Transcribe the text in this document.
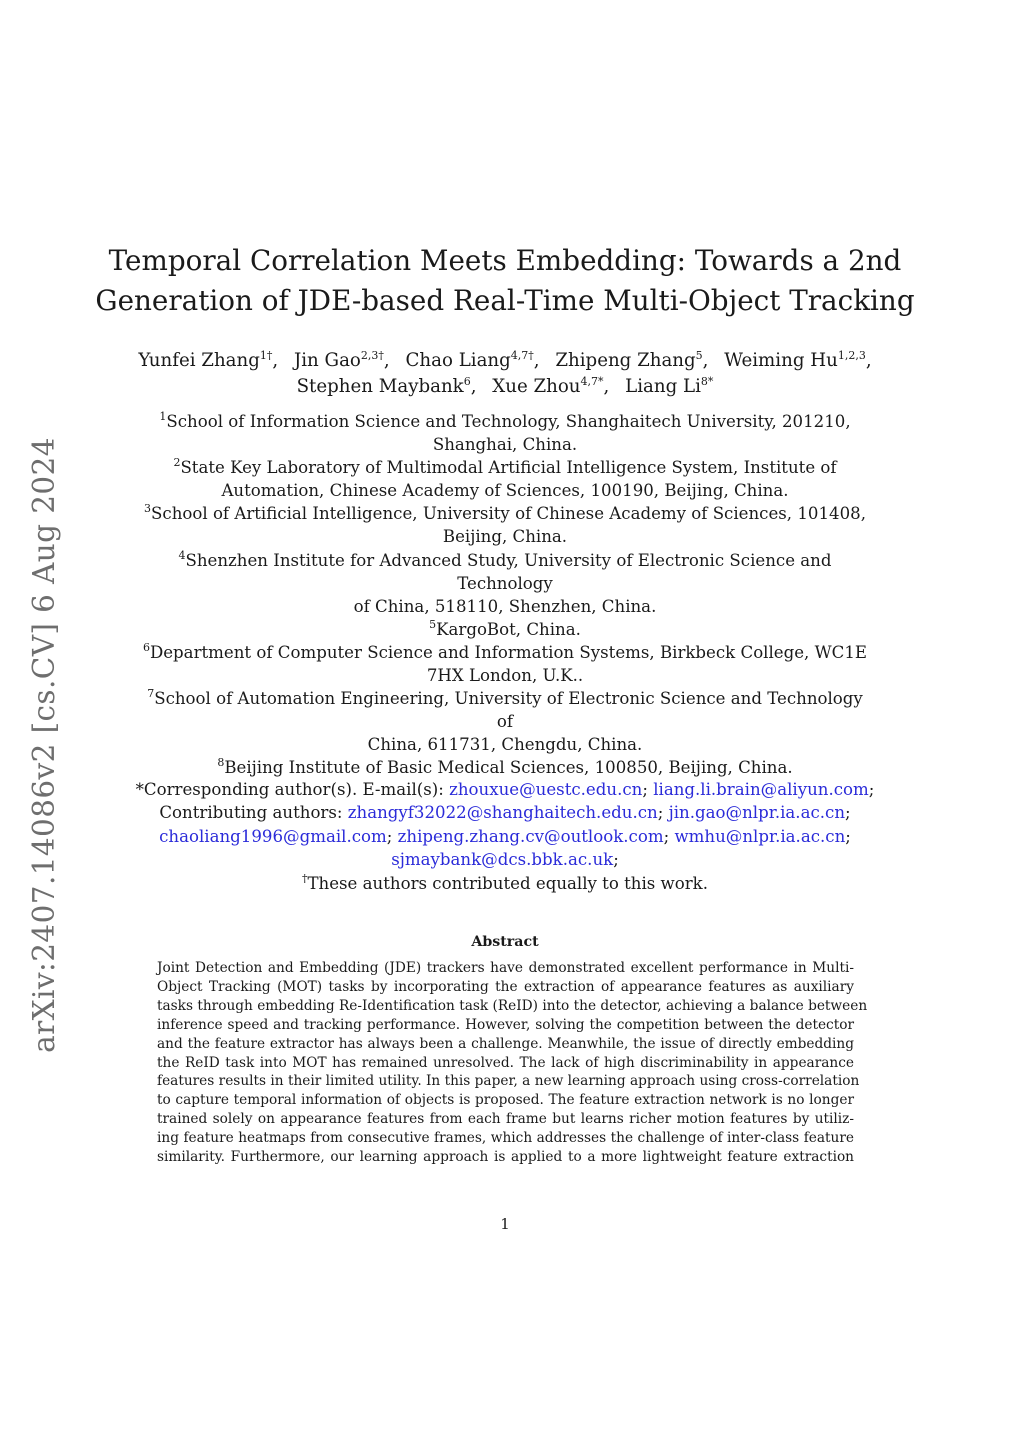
arXiv:2407.14086v2 [cs.CV] 6 Aug 2024
Temporal Correlation Meets Embedding: Towards a 2nd
Generation of JDE-based Real-Time Multi-Object Tracking
Yunfei Zhang$^{1\dagger}$, Jin Gao$^{2,3\dagger}$, Chao Liang$^{4,7\dagger}$, Zhipeng Zhang$^5$, Weiming Hu$^{1,2,3}$,
Stephen Maybank$^6$, Xue Zhou$^{4,7*}$, Liang $Li^{8*}$
$^1$School of Information Science and Technology, Shanghaitech University, 201210,
Shanghai, China.
$^2$State Key Laboratory of Multimodal Artificial Intelligence System, Institute of
Automation, Chinese Academy of Sciences, 100190, Beijing, China.
$^3$School of Artificial Intelligence, University of Chinese Academy of Sciences, 101408,
Beijing, China.
$^4$Shenzhen Institute for Advanced Study, University of Electronic Science and Technology
of China, 518110, Shenzhen, China.
$^5$KargoBot, China.
$^6$Department of Computer Science and Information Systems, Birkbeck College, WC1E
7HX London, U.K..
$^7$School of Automation Engineering, University of Electronic Science and Technology of
China, 611731, Chengdu, China.
$^8$Beijing Institute of Basic Medical Sciences, 100850, Beijing, China.
*Corresponding author(s). E-mail(s): zhouxue@uestc.edu.cn; liang.li.brain@aliyun.com;
Contributing authors: zhangyf32022@shanghaitech.edu.cn; jin.gao@nlpr.ia.ac.cn;
chaoliang1996@gmail.com; zhipeng.zhang.cv@outlook.com; wmhu@nlpr.ia.ac.cn;
sjmaybank@dcs.bbk.ac.uk;
†These authors contributed equally to this work.
Abstract
Joint Detection and Embedding (JDE) trackers have demonstrated excellent performance in Multi-
Object Tracking (MOT) tasks by incorporating the extraction of appearance features as auxiliary
tasks through embedding Re-Identification task (ReID) into the detector, achieving a balance between
inference speed and tracking performance. However, solving the competition between the detector
and the feature extractor has always been a challenge. Meanwhile, the issue of directly embedding
the ReID task into MOT has remained unresolved. The lack of high discriminability in appearance
features results in their limited utility. In this paper, a new learning approach using cross-correlation
to capture temporal information of objects is proposed. The feature extraction network is no longer
trained solely on appearance features from each frame but learns richer motion features by utiliz-
ing feature heatmaps from consecutive frames, which addresses the challenge of inter-class feature
similarity. Furthermore, our learning approach is applied to a more lightweight feature extraction
1
